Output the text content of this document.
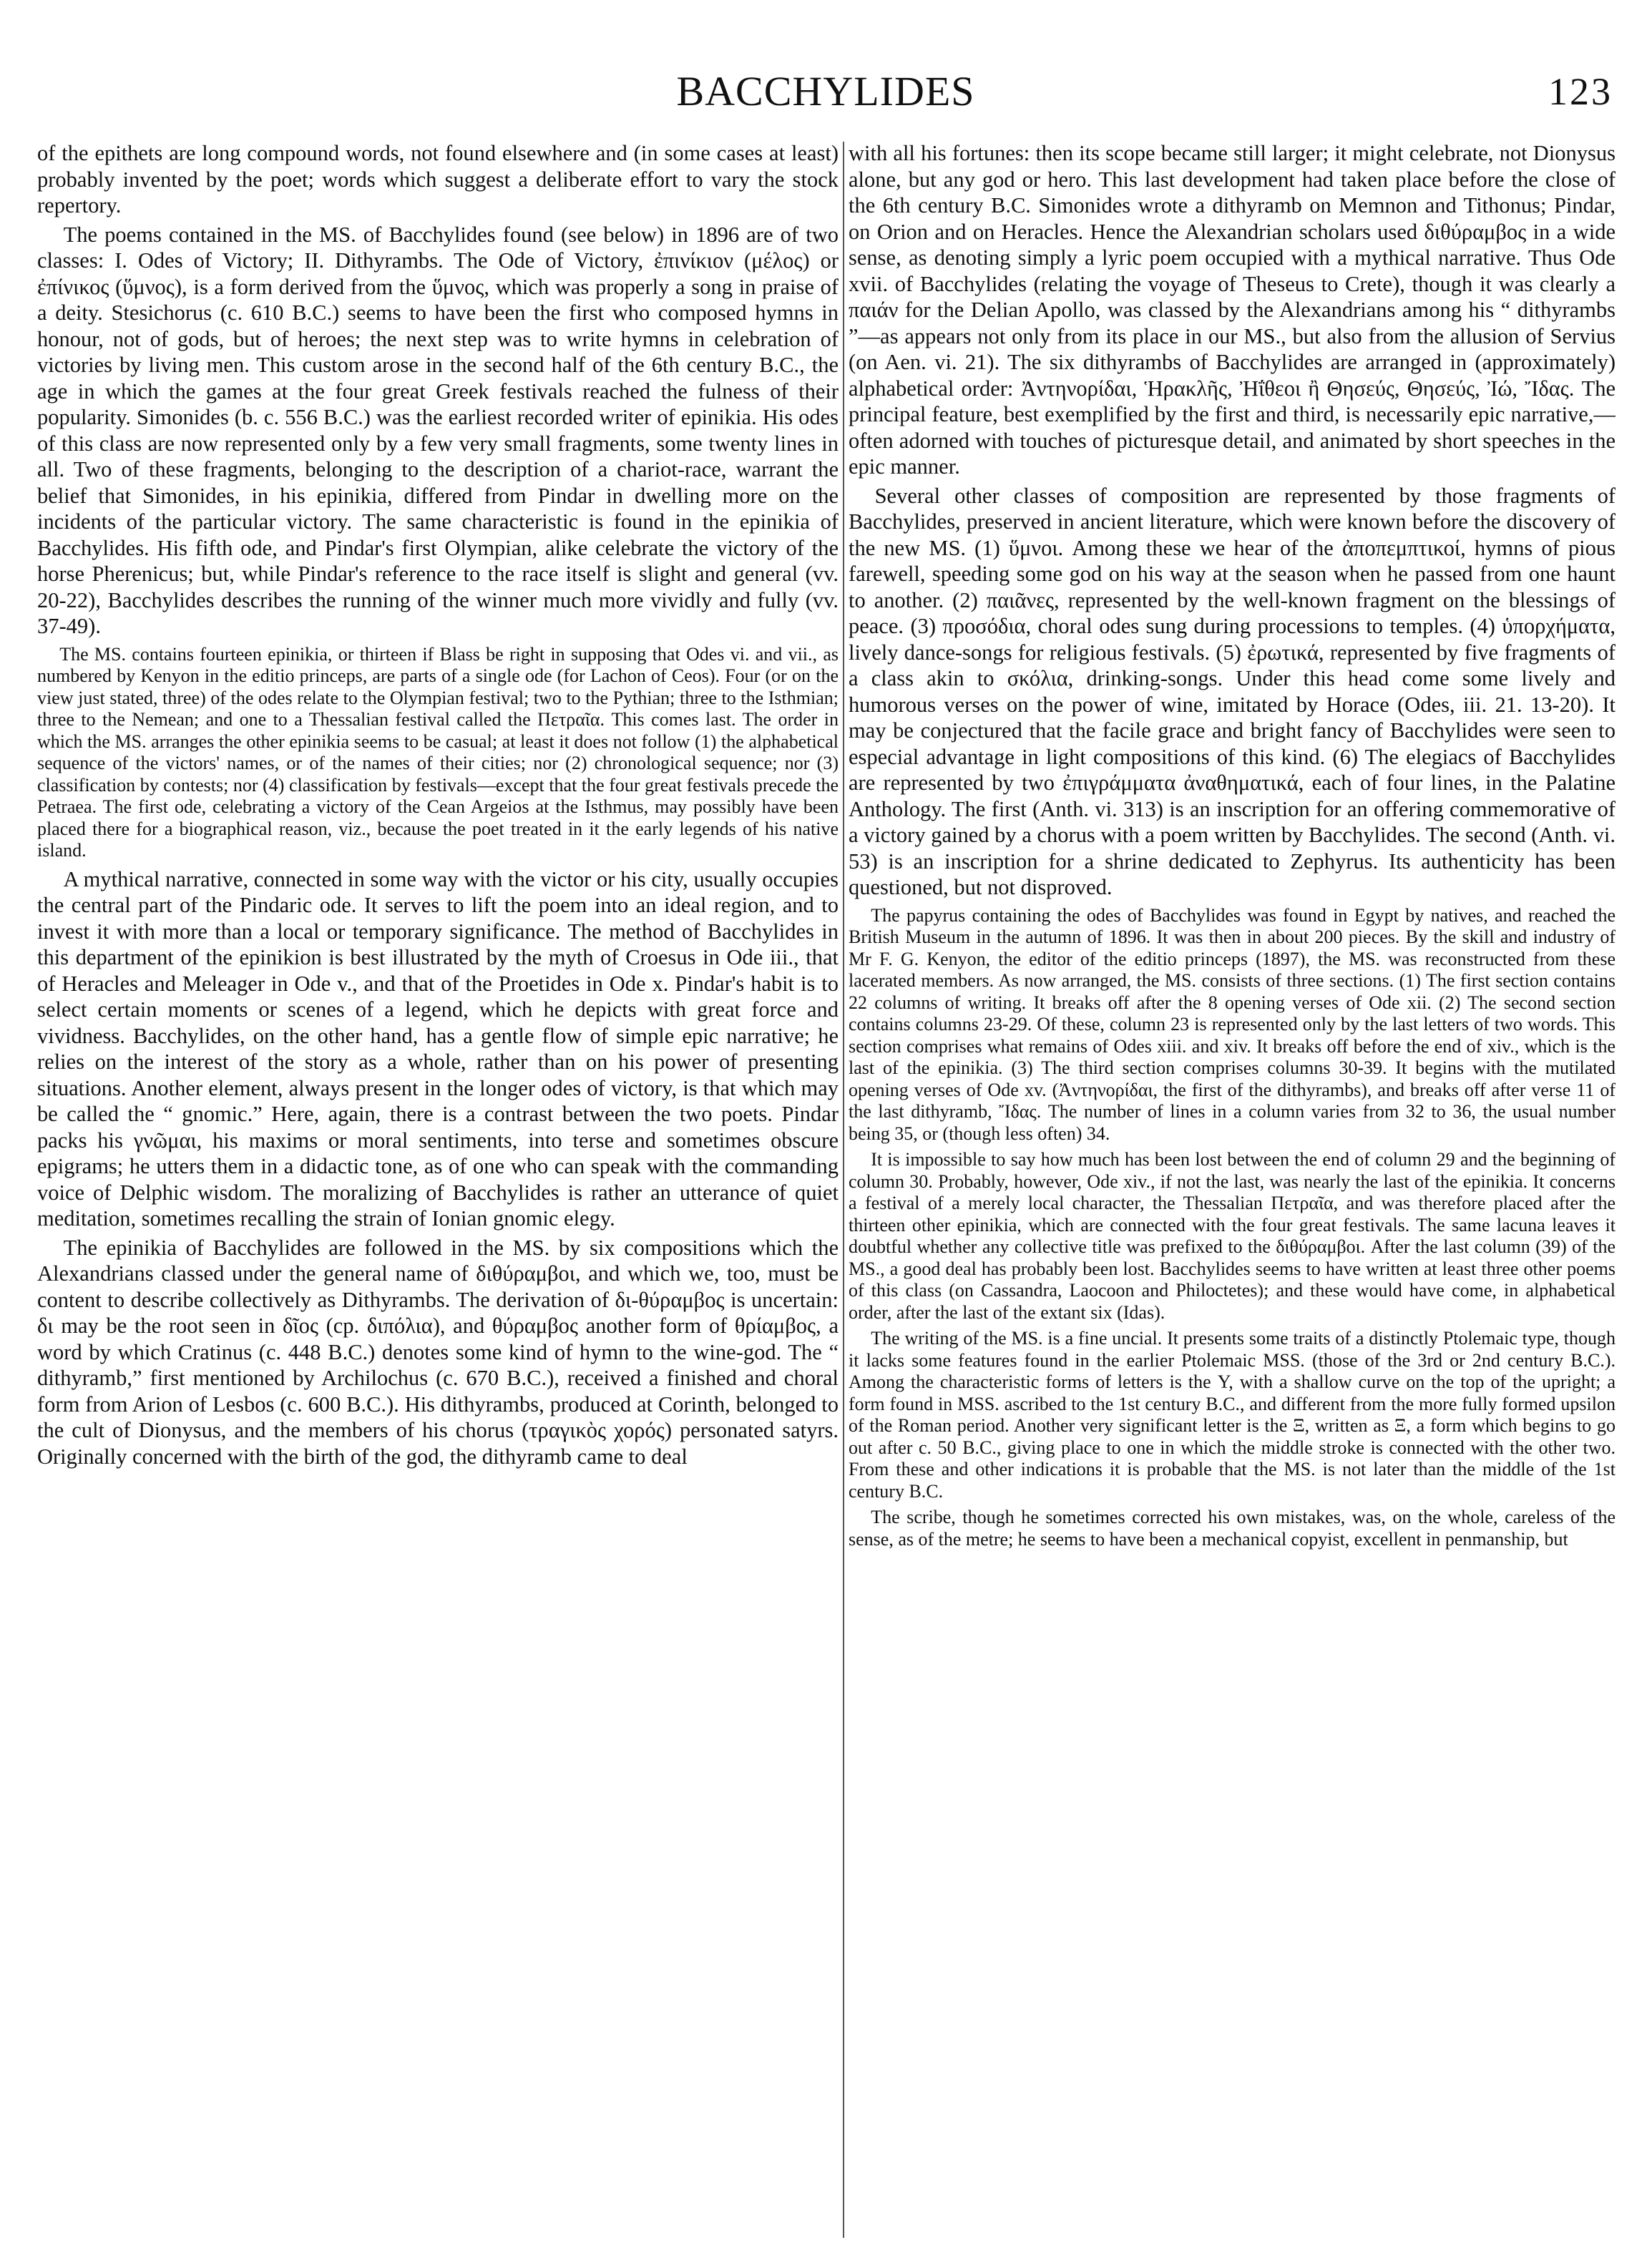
BACCHYLIDES	123

of the epithets are long compound words, not found elsewhere and (in some cases at least) probably invented by the poet; words which suggest a deliberate effort to vary the stock repertory.

The poems contained in the MS. of Bacchylides found (see below) in 1896 are of two classes: I. Odes of Victory; II. Dithyrambs. The Ode of Victory, ἐπινίκιον (μέλος) or ἐπίνικος (ὕμνος), is a form derived from the ὕμνος, which was properly a song in praise of a deity. Stesichorus (c. 610 B.C.) seems to have been the first who composed hymns in honour, not of gods, but of heroes; the next step was to write hymns in celebration of victories by living men. This custom arose in the second half of the 6th century B.C., the age in which the games at the four great Greek festivals reached the fulness of their popularity. Simonides (b. c. 556 B.C.) was the earliest recorded writer of epinikia. His odes of this class are now represented only by a few very small fragments, some twenty lines in all. Two of these fragments, belonging to the description of a chariot-race, warrant the belief that Simonides, in his epinikia, differed from Pindar in dwelling more on the incidents of the particular victory. The same characteristic is found in the epinikia of Bacchylides. His fifth ode, and Pindar's first Olympian, alike celebrate the victory of the horse Pherenicus; but, while Pindar's reference to the race itself is slight and general (vv. 20-22), Bacchylides describes the running of the winner much more vividly and fully (vv. 37-49).

The MS. contains fourteen epinikia, or thirteen if Blass be right in supposing that Odes vi. and vii., as numbered by Kenyon in the editio princeps, are parts of a single ode (for Lachon of Ceos). Four (or on the view just stated, three) of the odes relate to the Olympian festival; two to the Pythian; three to the Isthmian; three to the Nemean; and one to a Thessalian festival called the Πετραῖα. This comes last. The order in which the MS. arranges the other epinikia seems to be casual; at least it does not follow (1) the alphabetical sequence of the victors' names, or of the names of their cities; nor (2) chronological sequence; nor (3) classification by contests; nor (4) classification by festivals—except that the four great festivals precede the Petraea. The first ode, celebrating a victory of the Cean Argeios at the Isthmus, may possibly have been placed there for a biographical reason, viz., because the poet treated in it the early legends of his native island.

A mythical narrative, connected in some way with the victor or his city, usually occupies the central part of the Pindaric ode. It serves to lift the poem into an ideal region, and to invest it with more than a local or temporary significance. The method of Bacchylides in this department of the epinikion is best illustrated by the myth of Croesus in Ode iii., that of Heracles and Meleager in Ode v., and that of the Proetides in Ode x. Pindar's habit is to select certain moments or scenes of a legend, which he depicts with great force and vividness. Bacchylides, on the other hand, has a gentle flow of simple epic narrative; he relies on the interest of the story as a whole, rather than on his power of presenting situations. Another element, always present in the longer odes of victory, is that which may be called the “ gnomic.” Here, again, there is a contrast between the two poets. Pindar packs his γνῶμαι, his maxims or moral sentiments, into terse and sometimes obscure epigrams; he utters them in a didactic tone, as of one who can speak with the commanding voice of Delphic wisdom. The moralizing of Bacchylides is rather an utterance of quiet meditation, sometimes recalling the strain of Ionian gnomic elegy.

The epinikia of Bacchylides are followed in the MS. by six compositions which the Alexandrians classed under the general name of διθύραμβοι, and which we, too, must be content to describe collectively as Dithyrambs. The derivation of δι-θύραμβος is uncertain: δι may be the root seen in δῖος (cp. διπόλια), and θύραμβος another form of θρίαμβος, a word by which Cratinus (c. 448 B.C.) denotes some kind of hymn to the wine-god. The “ dithyramb,” first mentioned by Archilochus (c. 670 B.C.), received a finished and choral form from Arion of Lesbos (c. 600 B.C.). His dithyrambs, produced at Corinth, belonged to the cult of Dionysus, and the members of his chorus (τραγικὸς χορός) personated satyrs. Originally concerned with the birth of the god, the dithyramb came to deal

with all his fortunes: then its scope became still larger; it might celebrate, not Dionysus alone, but any god or hero. This last development had taken place before the close of the 6th century B.C. Simonides wrote a dithyramb on Memnon and Tithonus; Pindar, on Orion and on Heracles. Hence the Alexandrian scholars used διθύραμβος in a wide sense, as denoting simply a lyric poem occupied with a mythical narrative. Thus Ode xvii. of Bacchylides (relating the voyage of Theseus to Crete), though it was clearly a παιάν for the Delian Apollo, was classed by the Alexandrians among his “ dithyrambs ”—as appears not only from its place in our MS., but also from the allusion of Servius (on Aen. vi. 21). The six dithyrambs of Bacchylides are arranged in (approximately) alphabetical order: Ἀντηνορίδαι, Ἡρακλῆς, Ἠΐθεοι ἢ Θησεύς, Θησεύς, Ἰώ, Ἴδας. The principal feature, best exemplified by the first and third, is necessarily epic narrative,—often adorned with touches of picturesque detail, and animated by short speeches in the epic manner.

Several other classes of composition are represented by those fragments of Bacchylides, preserved in ancient literature, which were known before the discovery of the new MS. (1) ὕμνοι. Among these we hear of the ἀποπεμπτικοί, hymns of pious farewell, speeding some god on his way at the season when he passed from one haunt to another. (2) παιᾶνες, represented by the well-known fragment on the blessings of peace. (3) προσόδια, choral odes sung during processions to temples. (4) ὑπορχήματα, lively dance-songs for religious festivals. (5) ἐρωτικά, represented by five fragments of a class akin to σκόλια, drinking-songs. Under this head come some lively and humorous verses on the power of wine, imitated by Horace (Odes, iii. 21. 13-20). It may be conjectured that the facile grace and bright fancy of Bacchylides were seen to especial advantage in light compositions of this kind. (6) The elegiacs of Bacchylides are represented by two ἐπιγράμματα ἀναθηματικά, each of four lines, in the Palatine Anthology. The first (Anth. vi. 313) is an inscription for an offering commemorative of a victory gained by a chorus with a poem written by Bacchylides. The second (Anth. vi. 53) is an inscription for a shrine dedicated to Zephyrus. Its authenticity has been questioned, but not disproved.

The papyrus containing the odes of Bacchylides was found in Egypt by natives, and reached the British Museum in the autumn of 1896. It was then in about 200 pieces. By the skill and industry of Mr F. G. Kenyon, the editor of the editio princeps (1897), the MS. was reconstructed from these lacerated members. As now arranged, the MS. consists of three sections. (1) The first section contains 22 columns of writing. It breaks off after the 8 opening verses of Ode xii. (2) The second section contains columns 23-29. Of these, column 23 is represented only by the last letters of two words. This section comprises what remains of Odes xiii. and xiv. It breaks off before the end of xiv., which is the last of the epinikia. (3) The third section comprises columns 30-39. It begins with the mutilated opening verses of Ode xv. (Ἀντηνορίδαι, the first of the dithyrambs), and breaks off after verse 11 of the last dithyramb, Ἴδας. The number of lines in a column varies from 32 to 36, the usual number being 35, or (though less often) 34.

It is impossible to say how much has been lost between the end of column 29 and the beginning of column 30. Probably, however, Ode xiv., if not the last, was nearly the last of the epinikia. It concerns a festival of a merely local character, the Thessalian Πετραῖα, and was therefore placed after the thirteen other epinikia, which are connected with the four great festivals. The same lacuna leaves it doubtful whether any collective title was prefixed to the διθύραμβοι. After the last column (39) of the MS., a good deal has probably been lost. Bacchylides seems to have written at least three other poems of this class (on Cassandra, Laocoon and Philoctetes); and these would have come, in alphabetical order, after the last of the extant six (Idas).

The writing of the MS. is a fine uncial. It presents some traits of a distinctly Ptolemaic type, though it lacks some features found in the earlier Ptolemaic MSS. (those of the 3rd or 2nd century B.C.). Among the characteristic forms of letters is the Υ, with a shallow curve on the top of the upright; a form found in MSS. ascribed to the 1st century B.C., and different from the more fully formed upsilon of the Roman period. Another very significant letter is the Ξ, written as Ξ, a form which begins to go out after c. 50 B.C., giving place to one in which the middle stroke is connected with the other two. From these and other indications it is probable that the MS. is not later than the middle of the 1st century B.C.

The scribe, though he sometimes corrected his own mistakes, was, on the whole, careless of the sense, as of the metre; he seems to have been a mechanical copyist, excellent in penmanship, but
